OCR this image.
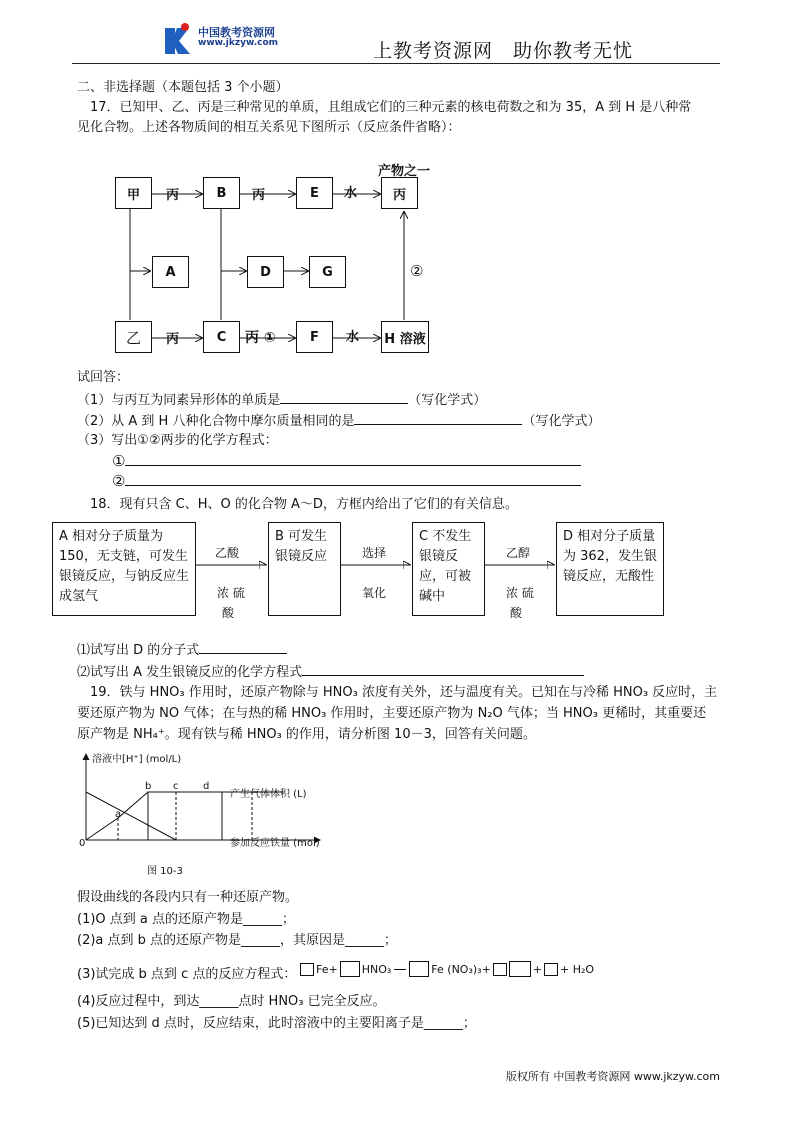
中国教考资源网
www.jkzyw.com	上教考资源网　助你教考无忧
二、非选择题（本题包括 3 个小题）
17．已知甲、乙、丙是三种常见的单质，且组成它们的三种元素的核电荷数之和为 35，A 到 H 是八种常
见化合物。上述各物质间的相互关系见下图所示（反应条件省略）：
甲	B	E	丙
A	D	G
乙	C	F	H 溶液
丙	丙	水
产物之一
丙	丙 ①	水
②
试回答：
（1）与丙互为同素异形体的单质是	（写化学式）
（2）从 A 到 H 八种化合物中摩尔质量相同的是	（写化学式）
（3）写出①②两步的化学方程式：
①
②
18．现有只含 C、H、O 的化合物 A～D，方框内给出了它们的有关信息。
A 相对分子质量为 150，无支链，可发生银镜反应，与钠反应生成氢气
B 可发生银镜反应
C 不发生银镜反应，可被碱中
D 相对分子质量为 362，发生银镜反应，无酸性
乙酸
浓 硫
酸
选择
氧化
乙醇
浓 硫
酸
⑴试写出 D 的分子式
⑵试写出 A 发生银镜反应的化学方程式
19．铁与 HNO₃ 作用时，还原产物除与 HNO₃ 浓度有关外，还与温度有关。已知在与冷稀 HNO₃ 反应时，主
要还原产物为 NO 气体；在与热的稀 HNO₃ 作用时，主要还原产物为 N₂O 气体；当 HNO₃ 更稀时，其重要还
原产物是 NH₄⁺。现有铁与稀 HNO₃ 的作用，请分析图 10－3，回答有关问题。
溶液中[H⁺] (mol/L)
0	参加反应铁量 (mol)
产生气体体积 (L)
a
b c d
图 10-3
假设曲线的各段内只有一种还原产物。
(1)O 点到 a 点的还原产物是______；
(2)a 点到 b 点的还原产物是______，其原因是______；
(3)试完成 b 点到 c 点的反应方程式： Fe+ HNO₃	Fe (NO₃)₃+	+ + H₂O
(4)反应过程中，到达______点时 HNO₃ 已完全反应。
(5)已知达到 d 点时，反应结束，此时溶液中的主要阳离子是______；
版权所有 中国教考资源网 www.jkzyw.com
